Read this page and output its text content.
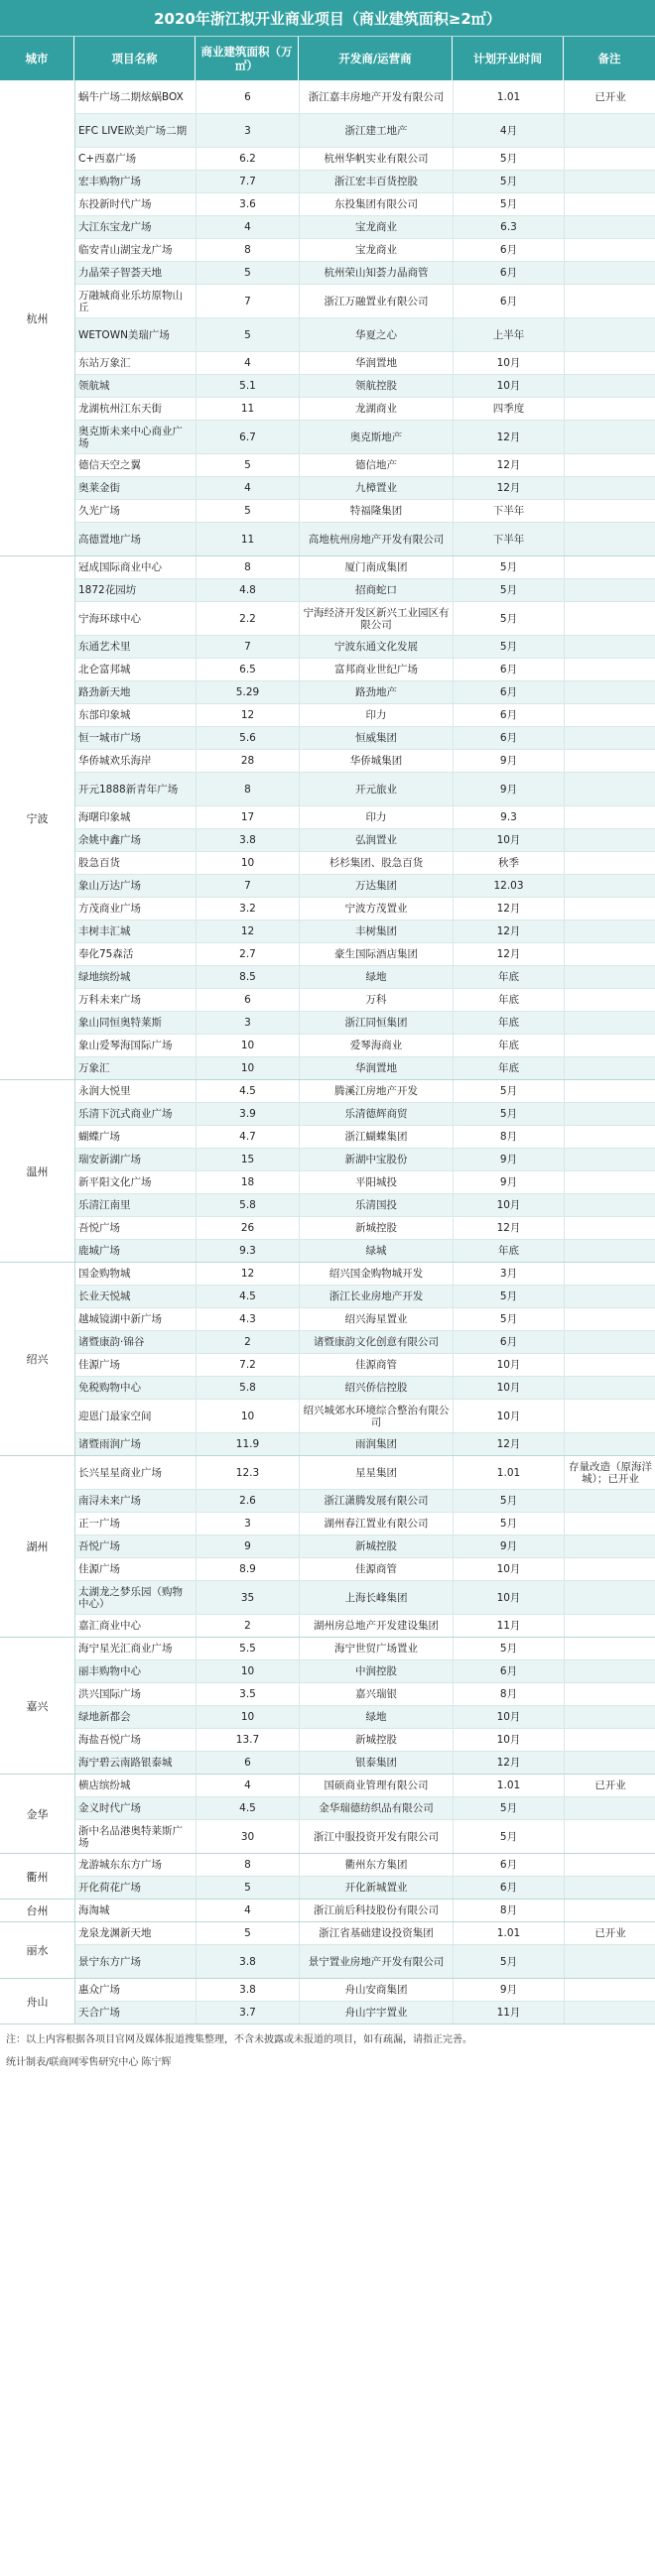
2020年浙江拟开业商业项目（商业建筑面积≥2㎡）
城市	项目名称	商业建筑面积（万㎡）	开发商/运营商	计划开业时间	备注
杭州
蜗牛广场二期炫蜗BOX	6	浙江嘉丰房地产开发有限公司	1.01	已开业
EFC LIVE欧美广场二期	3	浙江建工地产	4月
C+西嘉广场	6.2	杭州华帆实业有限公司	5月
宏丰购物广场	7.7	浙江宏丰百货控股	5月
东投新时代广场	3.6	东投集团有限公司	5月
大江东宝龙广场	4	宝龙商业	6.3
临安青山湖宝龙广场	8	宝龙商业	6月
力晶荣子智荟天地	5	杭州荣山知荟力晶商管	6月
万融城商业乐坊原物山丘	7	浙江万融置业有限公司	6月
WETOWN美瑞广场	5	华夏之心	上半年
东站万象汇	4	华润置地	10月
领航城	5.1	领航控股	10月
龙湖杭州江东天街	11	龙湖商业	四季度
奥克斯未来中心商业广场	6.7	奥克斯地产	12月
德信天空之翼	5	德信地产	12月
奥莱金街	4	九樟置业	12月
久光广场	5	特福隆集团	下半年
高德置地广场	11	高地杭州房地产开发有限公司	下半年
宁波
冠成国际商业中心	8	厦门南成集团	5月
1872花园坊	4.8	招商蛇口	5月
宁海环球中心	2.2	宁海经济开发区新兴工业园区有限公司	5月
东通艺术里	7	宁波东通文化发展	5月
北仑富邦城	6.5	富邦商业世纪广场	6月
路劲新天地	5.29	路劲地产	6月
东部印象城	12	印力	6月
恒一城市广场	5.6	恒威集团	6月
华侨城欢乐海岸	28	华侨城集团	9月
开元1888新青年广场	8	开元旅业	9月
海曙印象城	17	印力	9.3
余姚中鑫广场	3.8	弘润置业	10月
股急百货	10	杉杉集团、股急百货	秋季
象山万达广场	7	万达集团	12.03
方茂商业广场	3.2	宁波方茂置业	12月
丰树丰汇城	12	丰树集团	12月
奉化75森活	2.7	豪生国际酒店集团	12月
绿地缤纷城	8.5	绿地	年底
万科未来广场	6	万科	年底
象山同恒奥特莱斯	3	浙江同恒集团	年底
象山爱琴海国际广场	10	爱琴海商业	年底
万象汇	10	华润置地	年底
温州
永润大悦里	4.5	腾溪江房地产开发	5月
乐清下沉式商业广场	3.9	乐清德辉商贸	5月
蝴蝶广场	4.7	浙江蝴蝶集团	8月
瑞安新湖广场	15	新湖中宝股份	9月
新平阳文化广场	18	平阳城投	9月
乐清江南里	5.8	乐清国投	10月
吾悦广场	26	新城控股	12月
鹿城广场	9.3	绿城	年底
绍兴
国金购物城	12	绍兴国金购物城开发	3月
长业天悦城	4.5	浙江长业房地产开发	5月
越城镜湖中新广场	4.3	绍兴海星置业	5月
诸暨康韵·锦谷	2	诸暨康韵文化创意有限公司	6月
佳源广场	7.2	佳源商管	10月
免税购物中心	5.8	绍兴侨信控股	10月
迎恩门最家空间	10	绍兴城郊水环境综合整治有限公司	10月
诸暨雨润广场	11.9	雨润集团	12月
湖州
长兴星星商业广场	12.3	星星集团	1.01	存量改造（原海洋城）；已开业
南浔未来广场	2.6	浙江潇腾发展有限公司	5月
正一广场	3	湖州春江置业有限公司	5月
吾悦广场	9	新城控股	9月
佳源广场	8.9	佳源商管	10月
太湖龙之梦乐园（购物中心）	35	上海长峰集团	10月
嘉汇商业中心	2	湖州房总地产开发建设集团	11月
嘉兴
海宁星光汇商业广场	5.5	海宁世贸广场置业	5月
丽丰购物中心	10	中润控股	6月
洪兴国际广场	3.5	嘉兴瑞银	8月
绿地新都会	10	绿地	10月
海盐吾悦广场	13.7	新城控股	10月
海宁碧云南路银泰城	6	银泰集团	12月
金华
横店缤纷城	4	国硕商业管理有限公司	1.01	已开业
金义时代广场	4.5	金华瑞德纺织品有限公司	5月
浙中名品港奥特莱斯广场	30	浙江中服投资开发有限公司	5月
衢州
龙游城东东方广场	8	衢州东方集团	6月
开化荷花广场	5	开化新城置业	6月
台州	海淘城	4	浙江前后科技股份有限公司	8月
丽水
龙泉龙渊新天地	5	浙江省基础建设投资集团	1.01	已开业
景宁东方广场	3.8	景宁置业房地产开发有限公司	5月
舟山
惠众广场	3.8	舟山安商集团	9月
天合广场	3.7	舟山宇宇置业	11月
注：以上内容根据各项目官网及媒体报道搜集整理，不含未披露或未报道的项目，如有疏漏，请指正完善。
统计制表/联商网零售研究中心 陈宁辉
